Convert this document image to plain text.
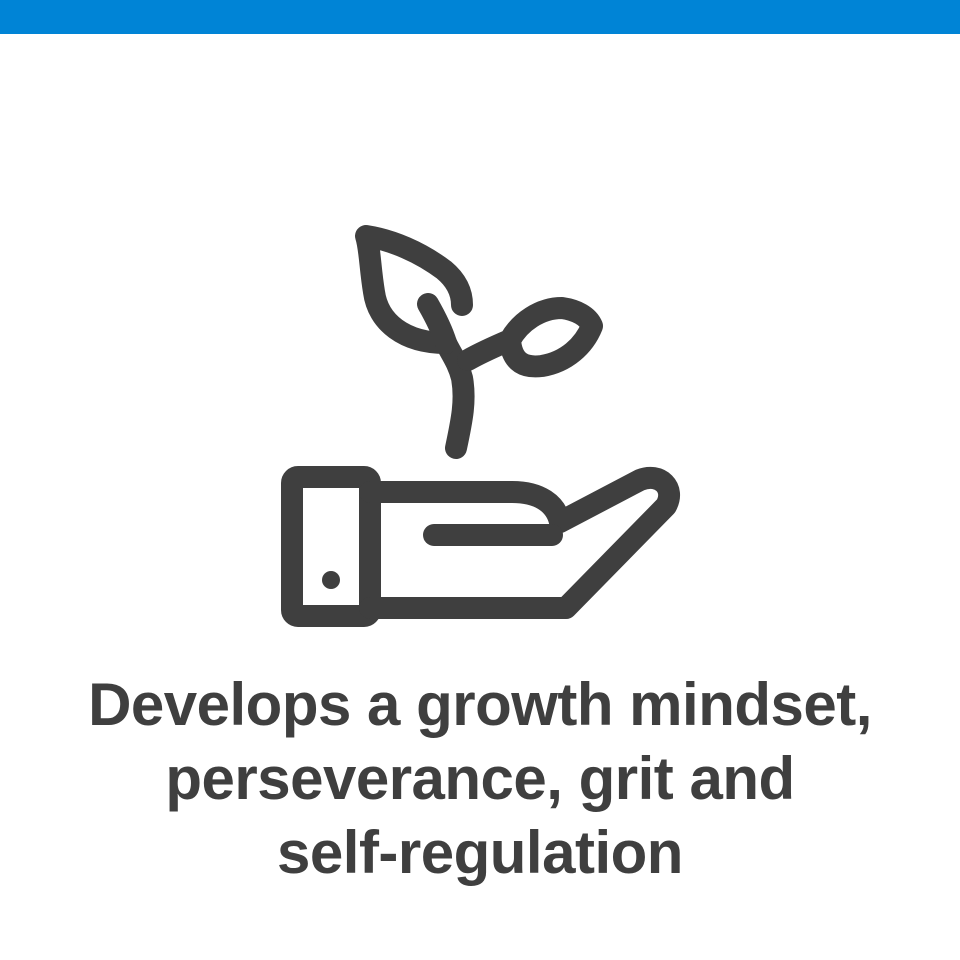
Develops a growth mindset,
perseverance, grit and
self-regulation
